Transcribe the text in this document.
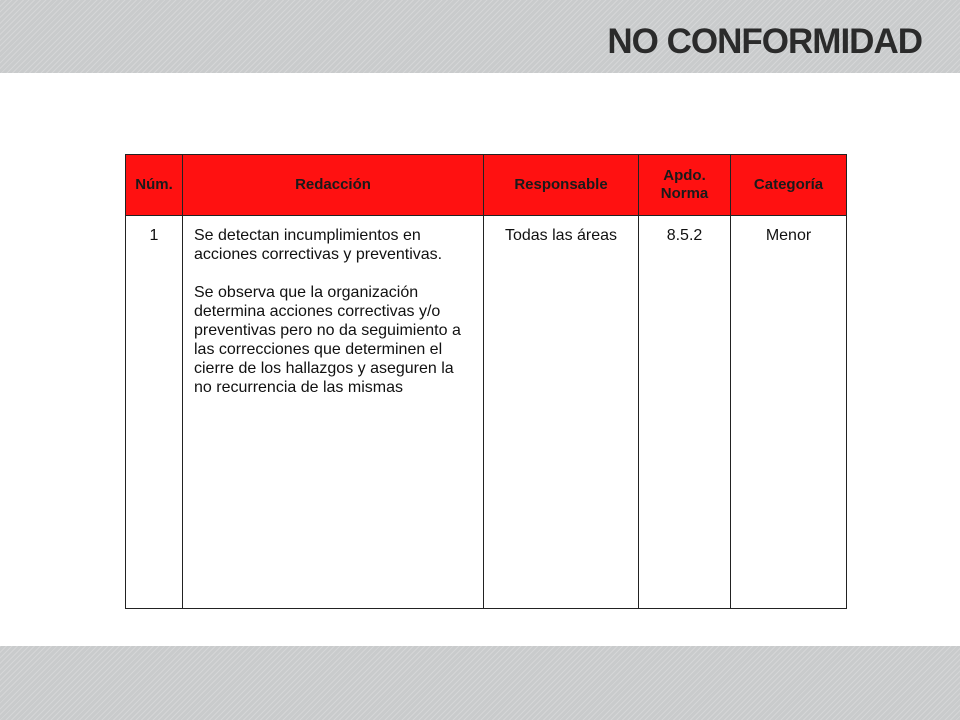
NO CONFORMIDAD
Núm.	Redacción	Responsable	Apdo. Norma	Categoría
1	Se detectan incumplimientos en acciones correctivas y preventivas.

Se observa que la organización determina acciones correctivas y/o preventivas pero no da seguimiento a las correcciones que determinen el cierre de los hallazgos y aseguren la no recurrencia de las mismas	Todas las áreas	8.5.2	Menor
